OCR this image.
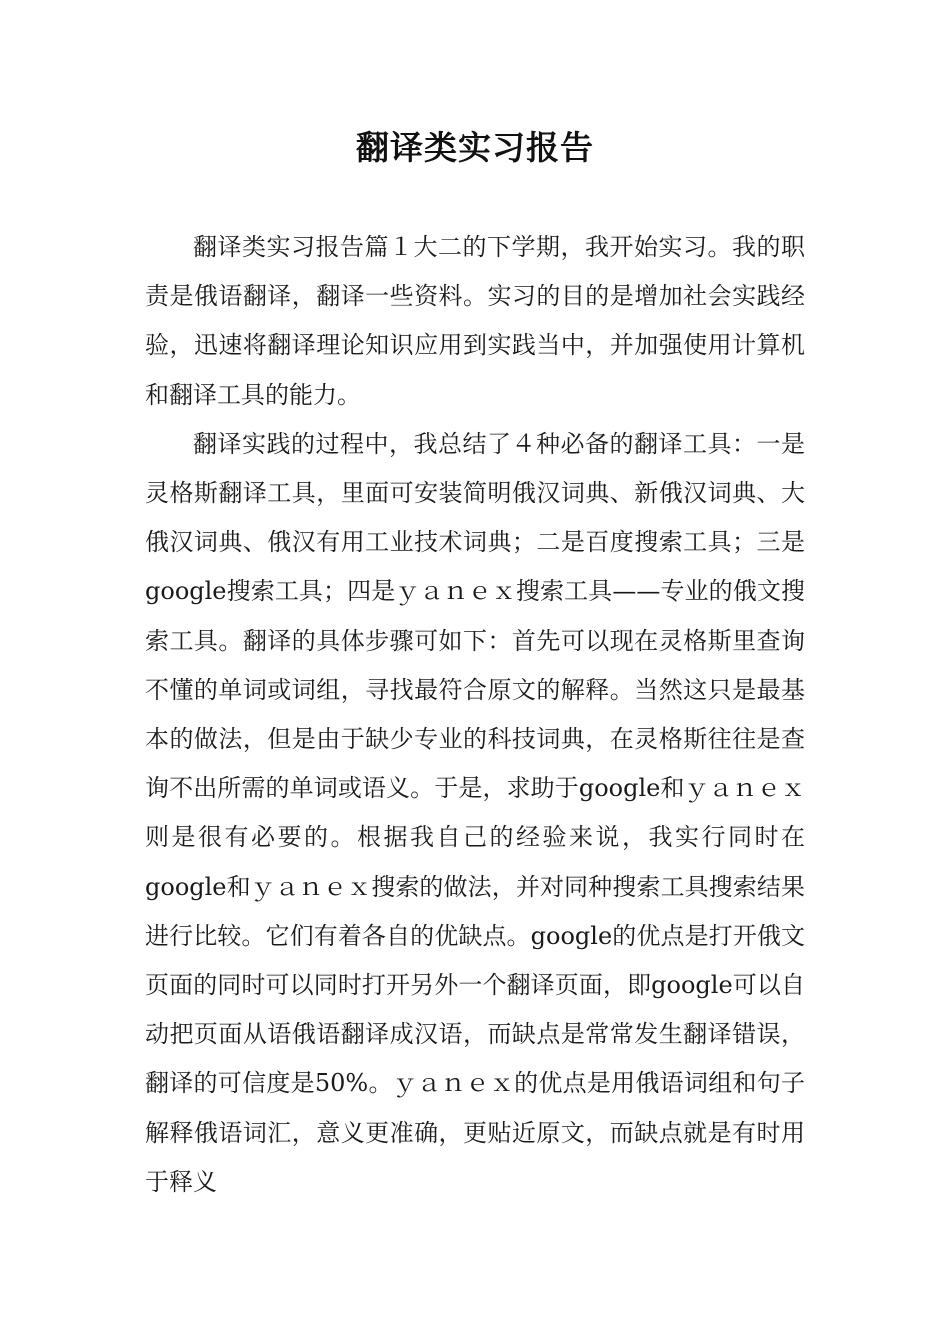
翻译类实习报告

翻译类实习报告篇１大二的下学期，我开始实习。我的职责是俄语翻译，翻译一些资料。实习的目的是增加社会实践经验，迅速将翻译理论知识应用到实践当中，并加强使用计算机和翻译工具的能力。

翻译实践的过程中，我总结了４种必备的翻译工具：一是灵格斯翻译工具，里面可安装简明俄汉词典、新俄汉词典、大俄汉词典、俄汉有用工业技术词典；二是百度搜索工具；三是google搜索工具；四是ｙａｎｅｘ搜索工具——专业的俄文搜索工具。翻译的具体步骤可如下：首先可以现在灵格斯里查询不懂的单词或词组，寻找最符合原文的解释。当然这只是最基本的做法，但是由于缺少专业的科技词典，在灵格斯往往是查询不出所需的单词或语义。于是，求助于google和ｙａｎｅｘ则是很有必要的。根据我自己的经验来说，我实行同时在google和ｙａｎｅｘ搜索的做法，并对同种搜索工具搜索结果进行比较。它们有着各自的优缺点。google的优点是打开俄文页面的同时可以同时打开另外一个翻译页面，即google可以自动把页面从语俄语翻译成汉语，而缺点是常常发生翻译错误，翻译的可信度是50%。ｙａｎｅｘ的优点是用俄语词组和句子解释俄语词汇，意义更准确，更贴近原文，而缺点就是有时用于释义
